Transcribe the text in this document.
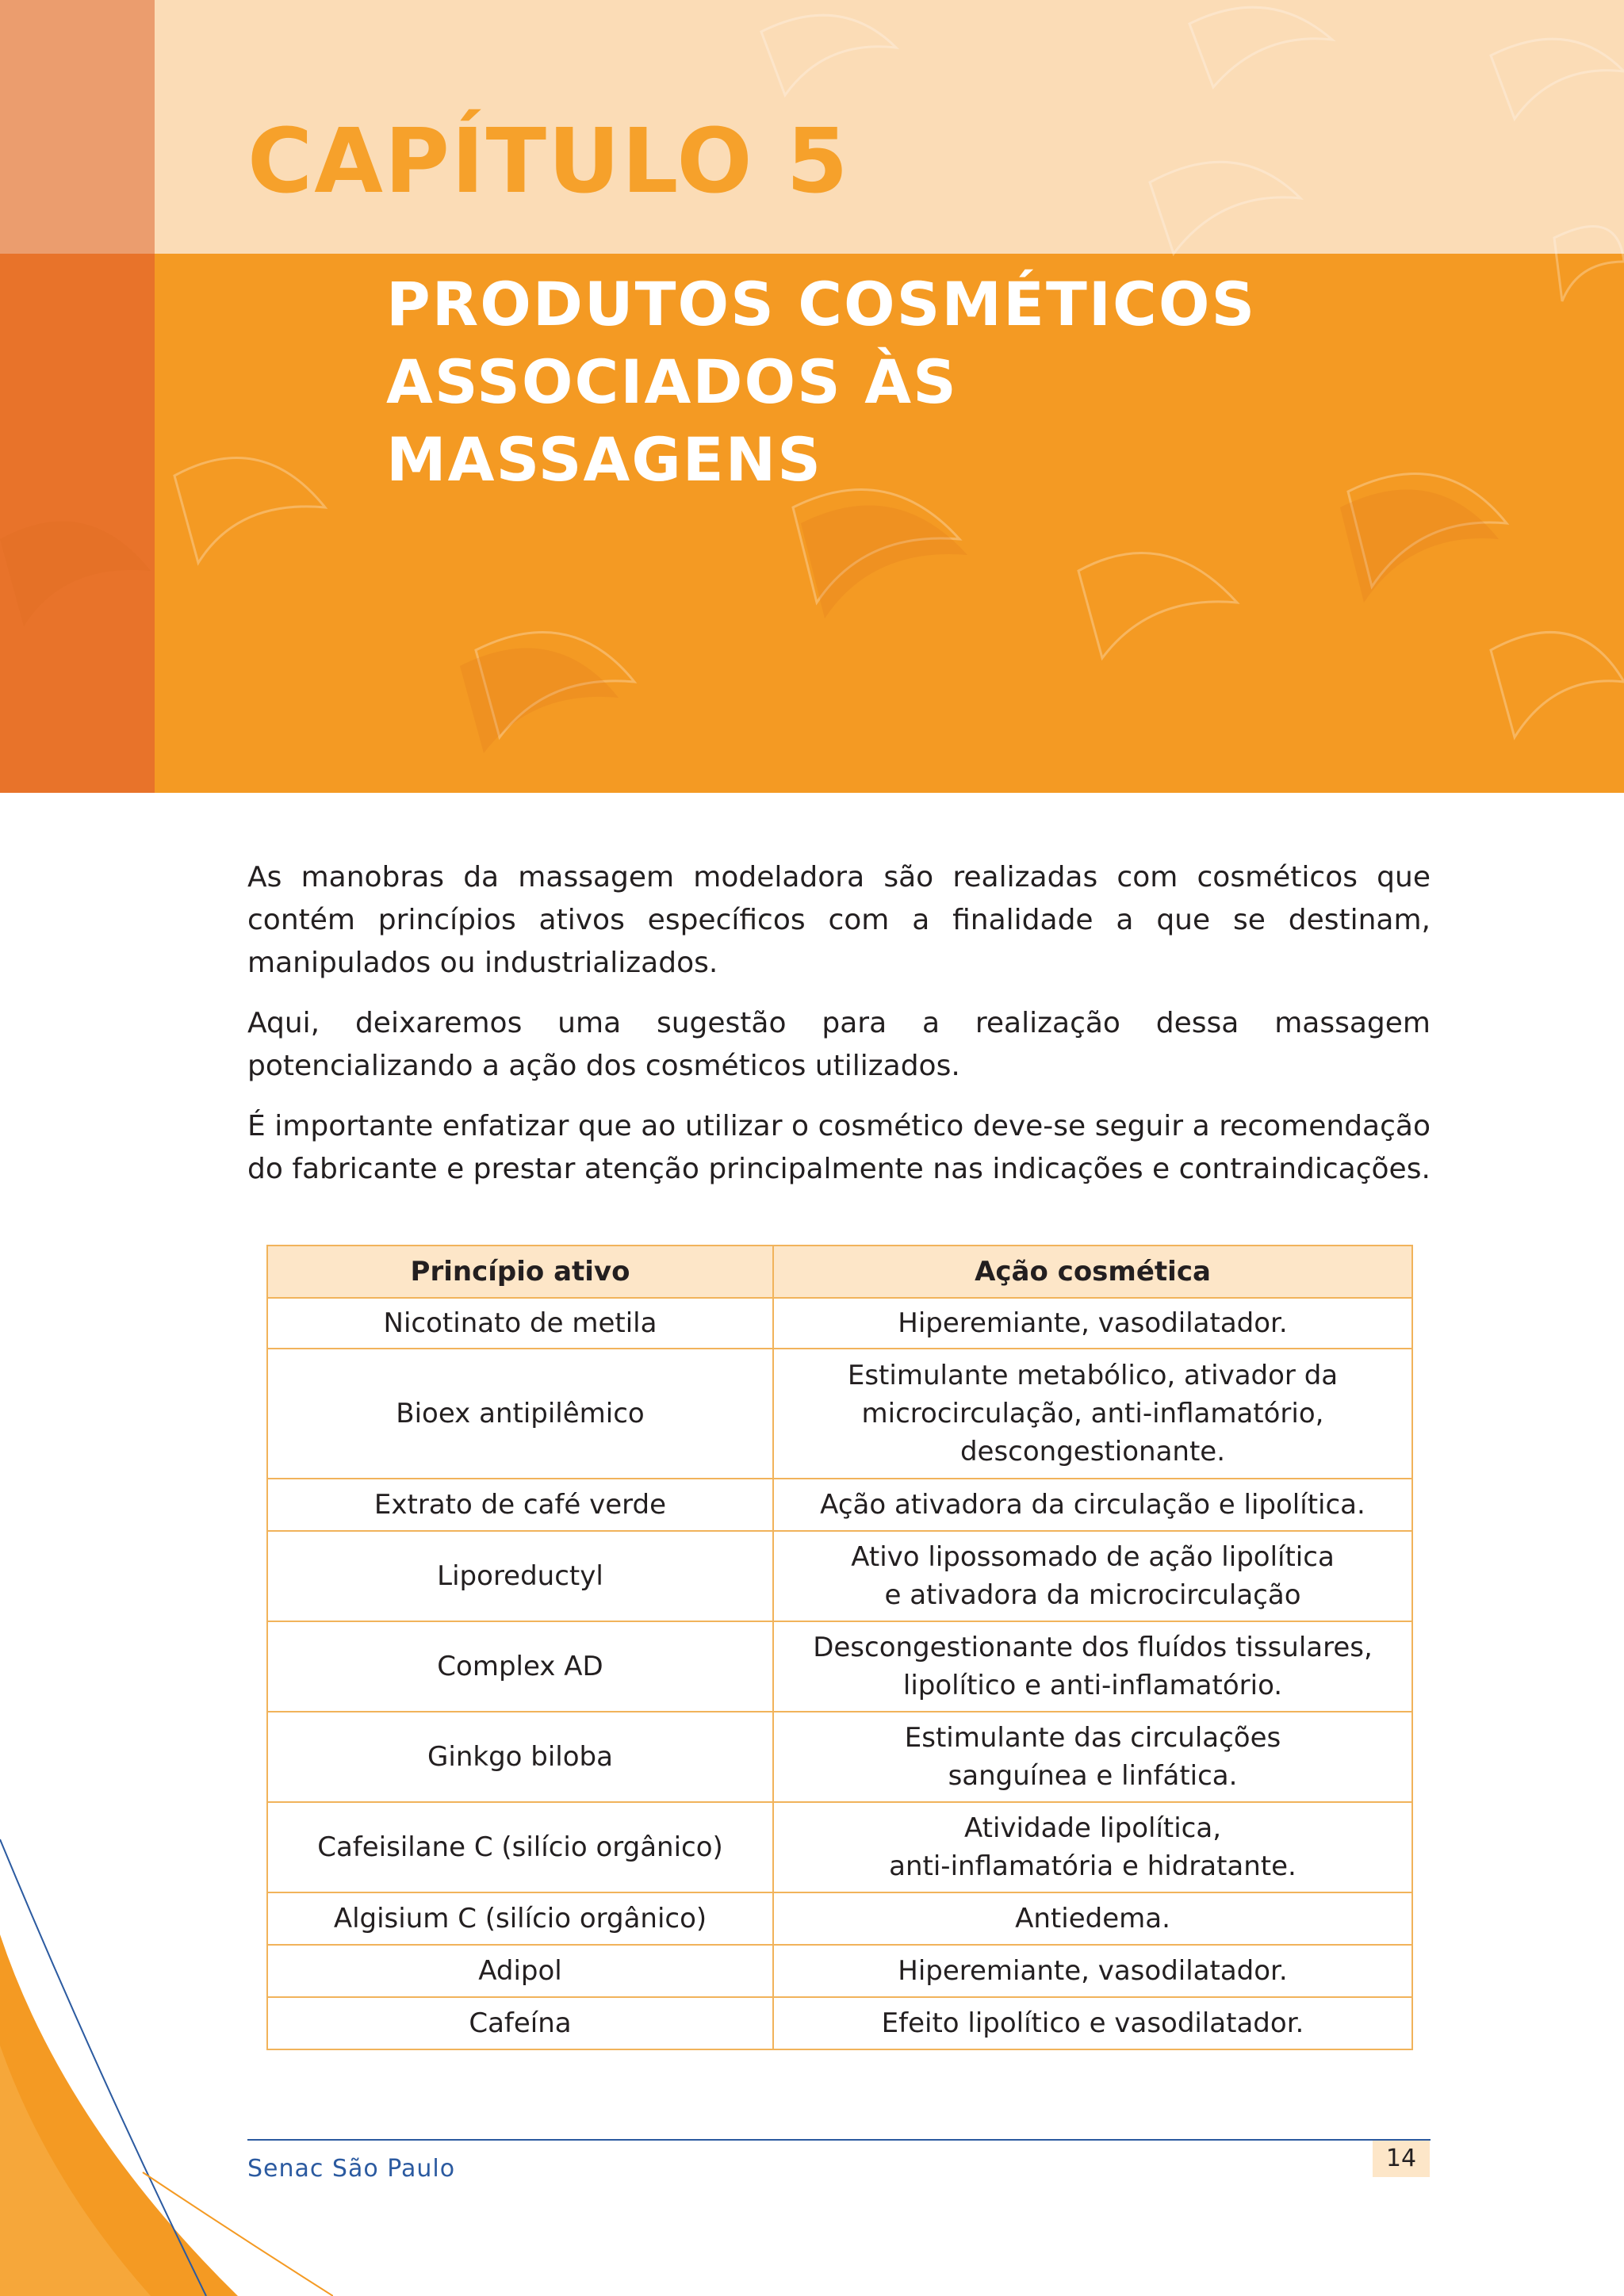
CAPÍTULO 5
PRODUTOS COSMÉTICOS
ASSOCIADOS ÀS
MASSAGENS

As manobras da massagem modeladora são realizadas com cosméticos que contém princípios ativos específicos com a finalidade a que se destinam, manipulados ou industrializados.

Aqui, deixaremos uma sugestão para a realização dessa massagem potencializando a ação dos cosméticos utilizados.

É importante enfatizar que ao utilizar o cosmético deve-se seguir a recomendação do fabricante e prestar atenção principalmente nas indicações e contraindicações.

Princípio ativo	Ação cosmética
Nicotinato de metila	Hiperemiante, vasodilatador.

Bioex antipilêmico	Estimulante metabólico, ativador da
microcirculação, anti-inflamatório,
descongestionante.

Extrato de café verde	Ação ativadora da circulação e lipolítica.

Liporeductyl	Ativo lipossomado de ação lipolítica
e ativadora da microcirculação

Complex AD	Descongestionante dos fluídos tissulares,
lipolítico e anti-inflamatório.

Ginkgo biloba	Estimulante das circulações
sanguínea e linfática.

Cafeisilane C (silício orgânico)	Atividade lipolítica,
anti-inflamatória e hidratante.

Algisium C (silício orgânico)	Antiedema.

Adipol	Hiperemiante, vasodilatador.

Cafeína	Efeito lipolítico e vasodilatador.
14
Senac São Paulo
